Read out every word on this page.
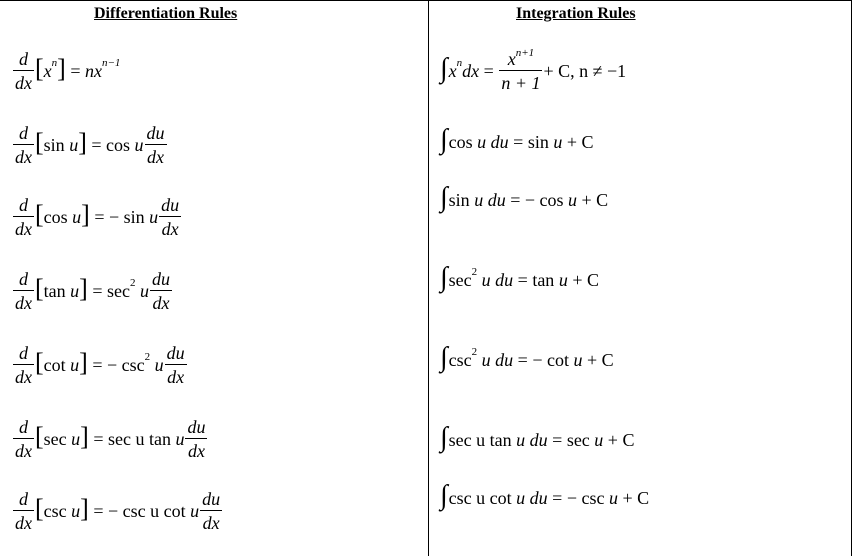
Differentiation Rules	Integration Rules
$\frac{d}{dx} [x^n] = nx^{n-1}$
$\frac{d}{dx} [\sin$ u] = cos u $\frac{du}{dx}$
$\frac{d}{dx} [\cos$ u] = − sin u $\frac{du}{dx}$
$\frac{d}{dx} [\tan$ $u] = \sec^2 u \frac{du}{dx}$
$\frac{d}{dx} [\cot$ u] = − $\csc^2 u \frac{du}{dx}$
$\frac{d}{dx} [\sec$ u] = sec u tan u $\frac{du}{dx}$
$\frac{d}{dx} [\csc$ u] = − csc u cot u $\frac{du}{dx}$
$\int x^ndx = \frac{x^{n+1}}{n + 1} + C$, n ≠ −1
∫cos u du = sin u + C
∫sin u du = − cos u + C
$\int\sec^2$ u du = tan u + C
$\int\csc^2$ u du = − cot u + C
∫sec u tan u du = sec u + C
∫csc u cot u du = − csc u + C
